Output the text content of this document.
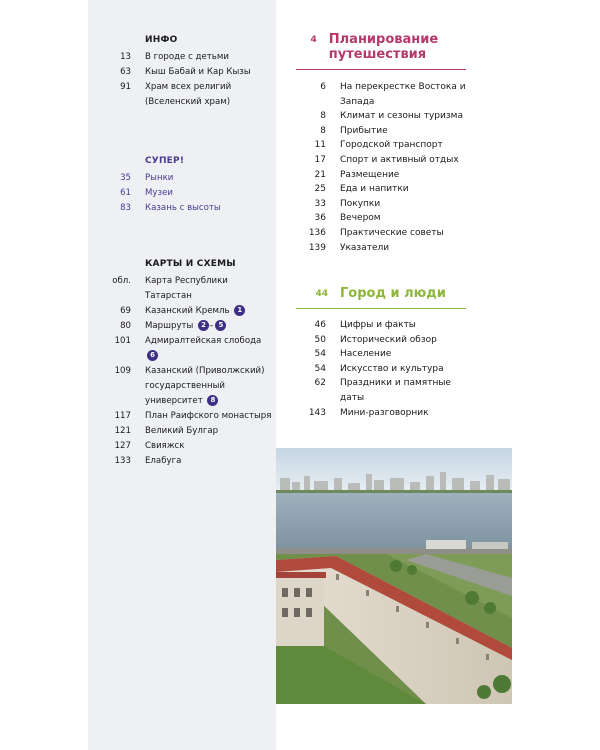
ИНФО
13 В городе с детьми
63 Кыш Бабай и Кар Кызы
91 Храм всех религий (Вселенский храм)
СУПЕР!
35 Рынки
61 Музеи
83 Казань с высоты
КАРТЫ И СХЕМЫ
обл. Карта Республики Татарстан
69 Казанский Кремль 1
80 Маршруты 2 – 5
101 Адмиралтейская слобода 6
109 Казанский (Приволжский) государственный университет 8
117 План Раифского монастыря
121 Великий Булгар
127 Свияжск
133 Елабуга
4 Планирование путешествия
6 На перекрестке Востока и Запада
8 Климат и сезоны туризма
8 Прибытие
11 Городской транспорт
17 Спорт и активный отдых
21 Размещение
25 Еда и напитки
33 Покупки
36 Вечером
136 Практические советы
139 Указатели
44 Город и люди
46 Цифры и факты
50 Исторический обзор
54 Население
54 Искусство и культура
62 Праздники и памятные даты
143 Мини-разговорник
